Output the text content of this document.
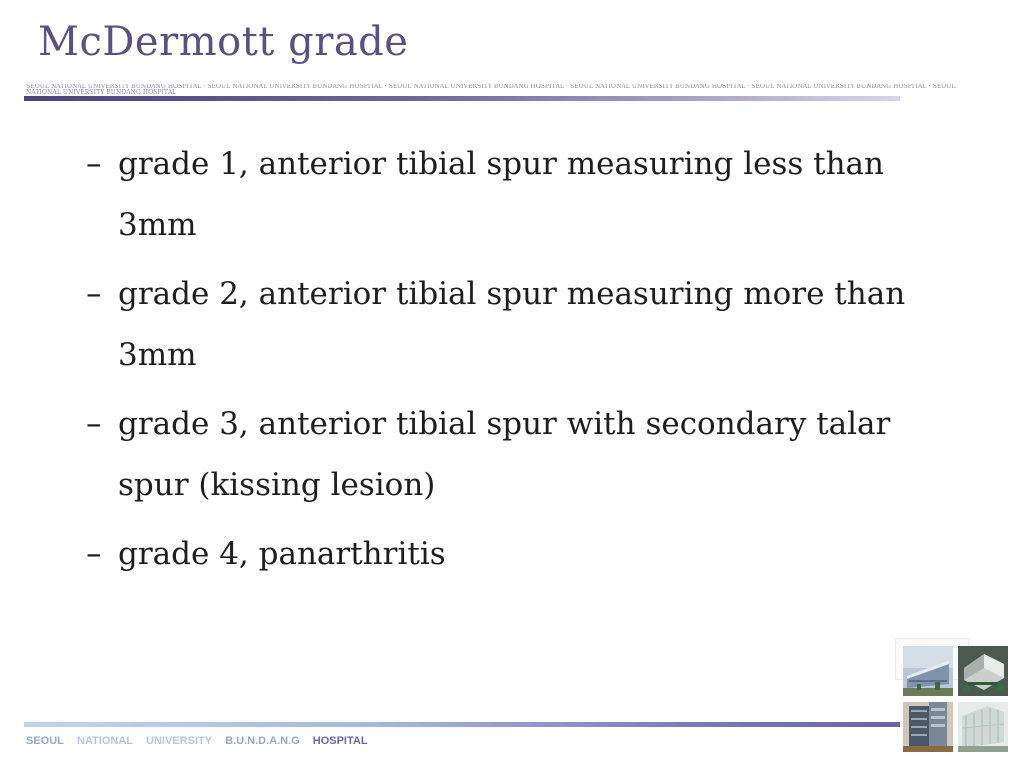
McDermott grade
SEOUL NATIONAL UNIVERSITY BUNDANG HOSPITAL · SEOUL NATIONAL UNIVERSITY BUNDANG HOSPITAL · SEOUL NATIONAL UNIVERSITY BUNDANG HOSPITAL · SEOUL NATIONAL UNIVERSITY BUNDANG HOSPITAL · SEOUL NATIONAL UNIVERSITY BUNDANG HOSPITAL · SEOUL NATIONAL UNIVERSITY BUNDANG HOSPITAL
– grade 1, anterior tibial spur measuring less than 3mm
– grade 2, anterior tibial spur measuring more than 3mm
– grade 3, anterior tibial spur with secondary talar spur (kissing lesion)
– grade 4, panarthritis
SEOUL NATIONAL UNIVERSITY B.U.N.D.A.N.G HOSPITAL
